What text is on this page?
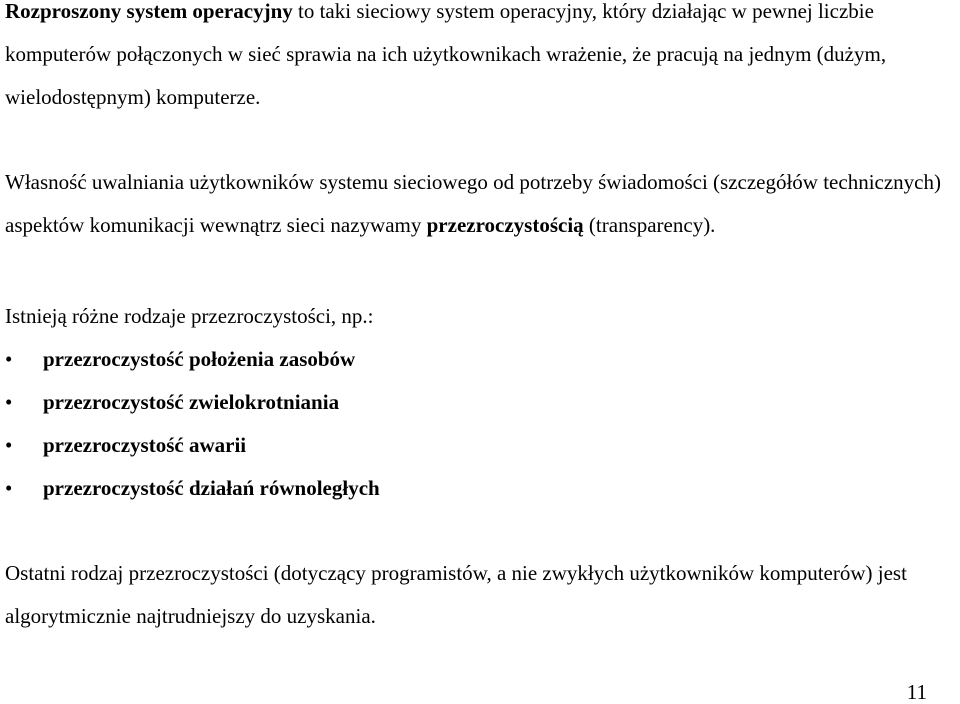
Rozproszony system operacyjny to taki sieciowy system operacyjny, który działając w pewnej liczbie komputerów połączonych w sieć sprawia na ich użytkownikach wrażenie, że pracują na jednym (dużym, wielodostępnym) komputerze.

Własność uwalniania użytkowników systemu sieciowego od potrzeby świadomości (szczegółów technicznych) aspektów komunikacji wewnątrz sieci nazywamy przezroczystością (transparency).

Istnieją różne rodzaje przezroczystości, np.:

• przezroczystość położenia zasobów
• przezroczystość zwielokrotniania
• przezroczystość awarii
• przezroczystość działań równoległych

Ostatni rodzaj przezroczystości (dotyczący programistów, a nie zwykłych użytkowników komputerów) jest algorytmicznie najtrudniejszy do uzyskania.

11
